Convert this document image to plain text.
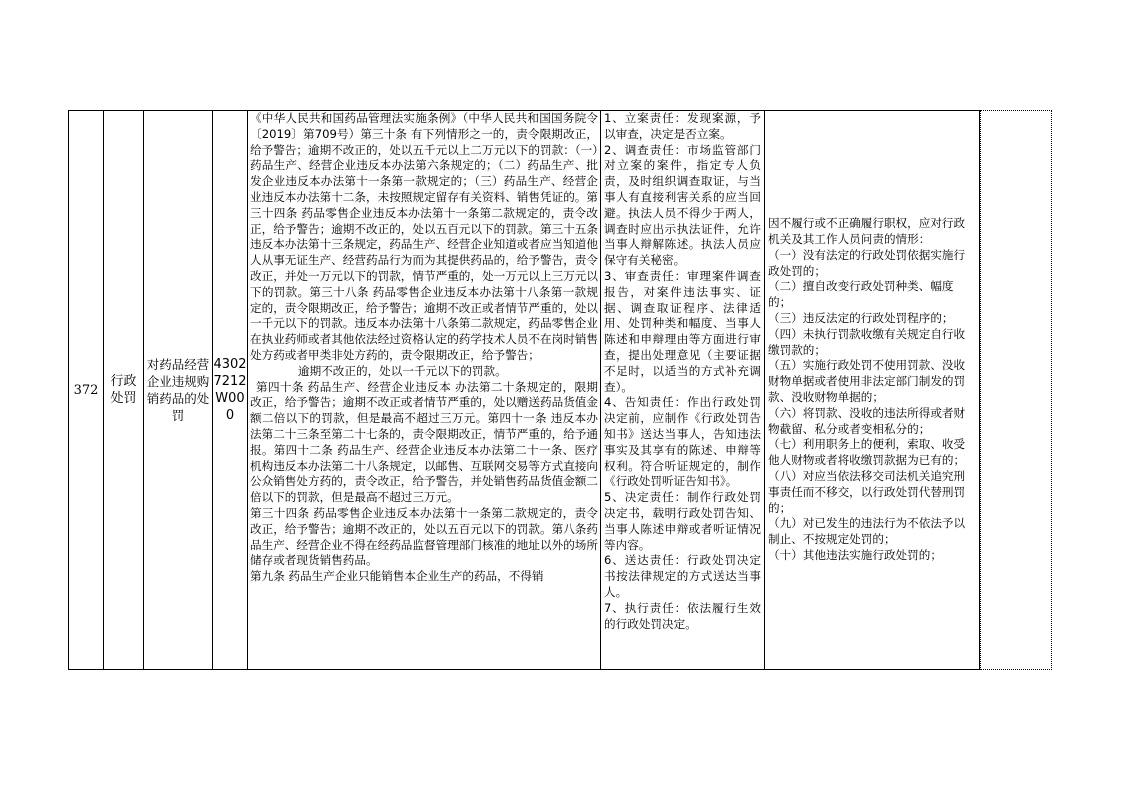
372
行政处罚
对药品经营企业违规购销药品的处罚
43027212W000

《中华人民共和国药品管理法实施条例》（中华人民共和国国务院令〔2019〕第709号）第三十条 有下列情形之一的，责令限期改正，给予警告；逾期不改正的，处以五千元以上二万元以下的罚款：（一）药品生产、经营企业违反本办法第六条规定的；（二）药品生产、批发企业违反本办法第十一条第一款规定的；（三）药品生产、经营企业违反本办法第十二条，未按照规定留存有关资料、销售凭证的。第三十四条 药品零售企业违反本办法第十一条第二款规定的，责令改正，给予警告；逾期不改正的，处以五百元以下的罚款。第三十五条 违反本办法第十三条规定，药品生产、经营企业知道或者应当知道他人从事无证生产、经营药品行为而为其提供药品的，给予警告，责令改正，并处一万元以下的罚款，情节严重的，处一万元以上三万元以下的罚款。第三十八条 药品零售企业违反本办法第十八条第一款规定的，责令限期改正，给予警告；逾期不改正或者情节严重的，处以一千元以下的罚款。违反本办法第十八条第二款规定，药品零售企业在执业药师或者其他依法经过资格认定的药学技术人员不在岗时销售处方药或者甲类非处方药的，责令限期改正，给予警告；

逾期不改正的，处以一千元以下的罚款。

第四十条 药品生产、经营企业违反本 办法第二十条规定的，限期改正，给予警告；逾期不改正或者情节严重的，处以赠送药品货值金额二倍以下的罚款，但是最高不超过三万元。第四十一条 违反本办法第二十三条至第二十七条的，责令限期改正，情节严重的，给予通报。第四十二条 药品生产、经营企业违反本办法第二十一条、医疗机构违反本办法第二十八条规定，以邮售、互联网交易等方式直接向公众销售处方药的，责令改正，给予警告，并处销售药品货值金额二倍以下的罚款，但是最高不超过三万元。

第三十四条 药品零售企业违反本办法第十一条第二款规定的，责令改正，给予警告；逾期不改正的，处以五百元以下的罚款。第八条药品生产、经营企业不得在经药品监督管理部门核准的地址以外的场所储存或者现货销售药品。

第九条 药品生产企业只能销售本企业生产的药品，不得销

1、立案责任：发现案源，予以审查，决定是否立案。

2、调查责任：市场监管部门对立案的案件，指定专人负责，及时组织调查取证，与当事人有直接利害关系的应当回避。执法人员不得少于两人，调查时应出示执法证件，允许当事人辩解陈述。执法人员应保守有关秘密。

3、审查责任：审理案件调查报告，对案件违法事实、证据、调查取证程序、法律适用、处罚种类和幅度、当事人陈述和申辩理由等方面进行审查，提出处理意见（主要证据不足时，以适当的方式补充调查）。

4、告知责任：作出行政处罚决定前，应制作《行政处罚告知书》送达当事人，告知违法事实及其享有的陈述、申辩等权利。符合听证规定的，制作《行政处罚听证告知书》。

5、决定责任：制作行政处罚决定书，载明行政处罚告知、当事人陈述申辩或者听证情况等内容。

6、送达责任：行政处罚决定书按法律规定的方式送达当事人。

7、执行责任：依法履行生效的行政处罚决定。

因不履行或不正确履行职权，应对行政机关及其工作人员问责的情形：

（一）没有法定的行政处罚依据实施行政处罚的；

（二）擅自改变行政处罚种类、幅度的；

（三）违反法定的行政处罚程序的；

（四）未执行罚款收缴有关规定自行收缴罚款的；

（五）实施行政处罚不使用罚款、没收财物单据或者使用非法定部门制发的罚款、没收财物单据的；

（六）将罚款、没收的违法所得或者财物截留、私分或者变相私分的；

（七）利用职务上的便利，索取、收受他人财物或者将收缴罚款据为已有的；

（八）对应当依法移交司法机关追究刑事责任而不移交，以行政处罚代替刑罚的；

（九）对已发生的违法行为不依法予以制止、不按规定处罚的；

（十）其他违法实施行政处罚的；
